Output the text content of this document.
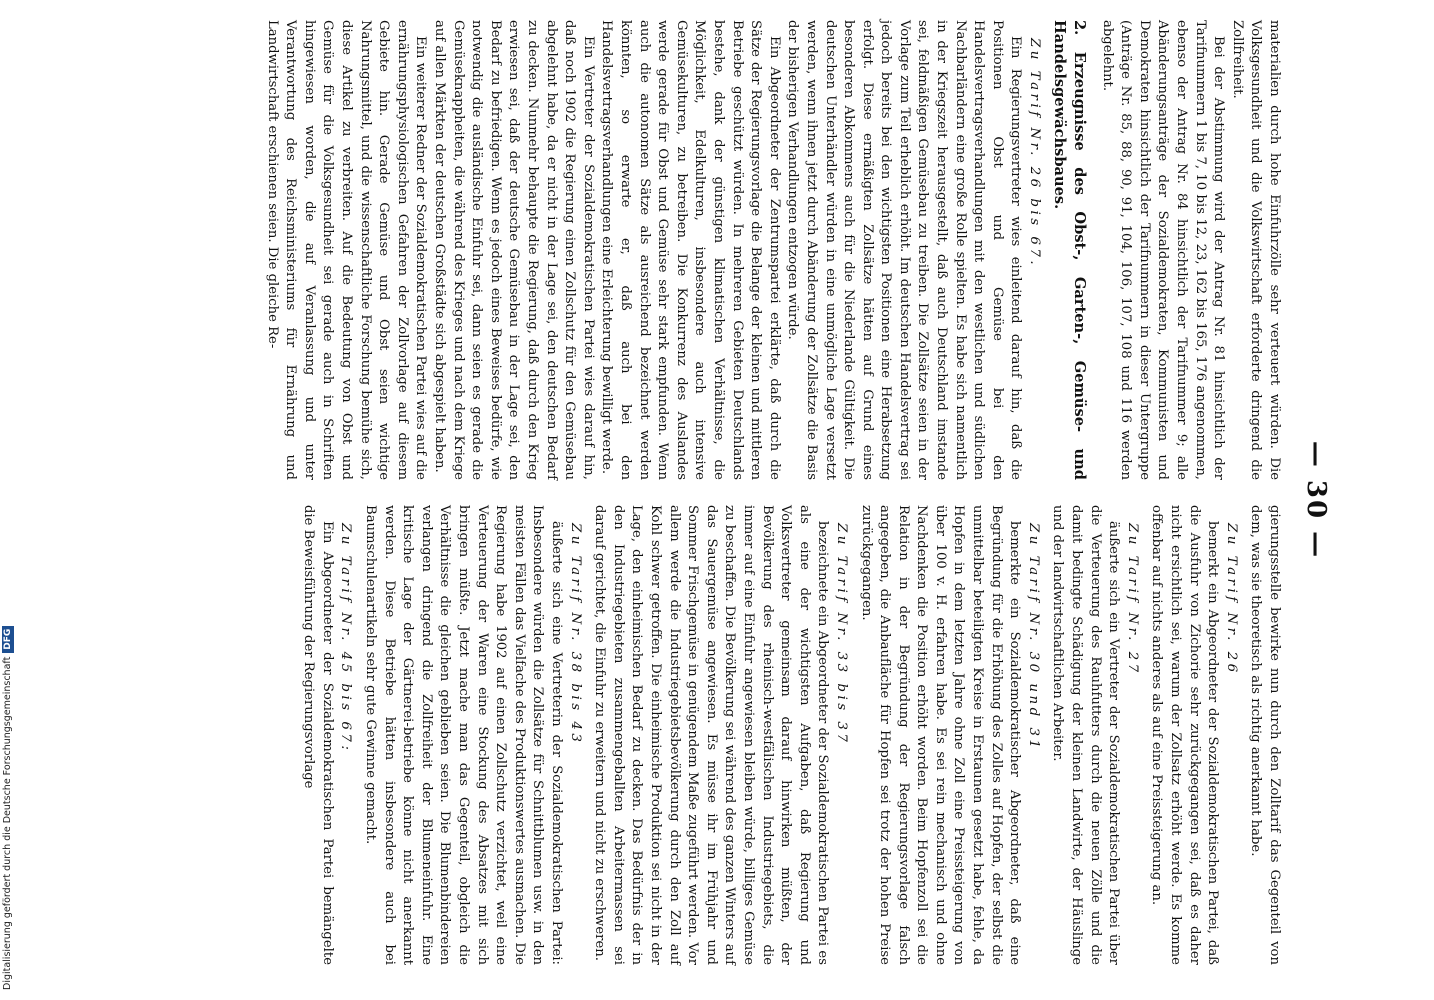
— 30 —

materialien durch hohe Einfuhrzölle sehr verteuert würden. Die Volksgesundheit und die Volkswirtschaft erforderte dringend die Zollfreiheit.

Bei der Abstimmung wird der Antrag Nr. 81 hinsichtlich der Tarifnummern 1 bis 7, 10 bis 12, 23, 162 bis 165, 176 angenommen, ebenso der Antrag Nr. 84 hinsichtlich der Tarifnummer 9; alle Abänderungsanträge der Sozialdemokraten, Kommunisten und Demokraten hinsichtlich der Tarifnummern in dieser Untergruppe (Anträge Nr. 85, 88, 90, 91, 104, 106, 107, 108 und 116 werden abgelehnt.

2. Erzeugnisse des Obst-, Garten-, Gemüse- und Handelsgewächsbaues.

Zu Tarif Nr. 26 bis 67.

Ein Regierungsvertreter wies einleitend darauf hin, daß die Positionen Obst und Gemüse bei den Handelsvertragsverhandlungen mit den westlichen und südlichen Nachbarländern eine große Rolle spielten. Es habe sich namentlich in der Kriegszeit herausgestellt, daß auch Deutschland imstande sei, feldmäßigen Gemüsebau zu treiben. Die Zollsätze seien in der Vorlage zum Teil erheblich erhöht. Im deutschen Handelsvertrag sei jedoch bereits bei den wichtigsten Positionen eine Herabsetzung erfolgt. Diese ermäßigten Zollsätze hätten auf Grund eines besonderen Abkommens auch für die Niederlande Gültigkeit. Die deutschen Unterhändler würden in eine unmögliche Lage versetzt werden, wenn ihnen jetzt durch Abänderung der Zollsätze die Basis der bisherigen Verhandlungen entzogen würde.

Ein Abgeordneter der Zentrumspartei erklärte, daß durch die Sätze der Regierungsvorlage die Belange der kleinen und mittleren Betriebe geschützt würden. In mehreren Gebieten Deutschlands bestehe, dank der günstigen klimatischen Verhältnisse, die Möglichkeit, Edelkulturen, insbesondere auch intensive Gemüsekulturen, zu betreiben. Die Konkurrenz des Auslandes werde gerade für Obst und Gemüse sehr stark empfunden. Wenn auch die autonomen Sätze als ausreichend bezeichnet werden könnten, so erwarte er, daß auch bei den Handelsvertragsverhandlungen eine Erleichterung bewilligt werde.

Ein Vertreter der Sozialdemokratischen Partei wies darauf hin, daß noch 1902 die Regierung einen Zollschutz für den Gemüsebau abgelehnt habe, da er nicht in der Lage sei, den deutschen Bedarf zu decken. Nunmehr behaupte die Regierung, daß durch den Krieg erwiesen sei, daß der deutsche Gemüsebau in der Lage sei, den Bedarf zu befriedigen. Wenn es jedoch eines Beweises bedürfe, wie notwendig die ausländische Einfuhr sei, dann seien es gerade die Gemüseknappheiten, die während des Krieges und nach dem Kriege auf allen Märkten der deutschen Großstädte sich abgespielt haben.

Ein weiterer Redner der Sozialdemokratischen Partei wies auf die ernährungsphysiologischen Gefahren der Zollvorlage auf diesem Gebiete hin. Gerade Gemüse und Obst seien wichtige Nahrungsmittel, und die wissenschaftliche Forschung bemühe sich, diese Artikel zu verbreiten. Auf die Bedeutung von Obst und Gemüse für die Volksgesundheit sei gerade auch in Schriften hingewiesen worden, die auf Veranlassung und unter Verantwortung des Reichsministeriums für Ernährung und Landwirtschaft erschienen seien. Die gleiche Re-

gierungsstelle bewirke nun durch den Zolltarif das Gegenteil von dem, was sie theoretisch als richtig anerkannt habe.

Zu Tarif Nr. 26

bemerkt ein Abgeordneter der Sozialdemokratischen Partei, daß die Ausfuhr von Zichorie sehr zurückgegangen sei, daß es daher nicht ersichtlich sei, warum der Zollsatz erhöht werde. Es komme offenbar auf nichts anderes als auf eine Preissteigerung an.

Zu Tarif Nr. 27

äußerte sich ein Vertreter der Sozialdemokratischen Partei über die Verteuerung des Rauhfutters durch die neuen Zölle und die damit bedingte Schädigung der kleinen Landwirte, der Häuslinge und der landwirtschaftlichen Arbeiter.

Zu Tarif Nr. 30 und 31

bemerkte ein Sozialdemokratischer Abgeordneter, daß eine Begründung für die Erhöhung des Zolles auf Hopfen, der selbst die unmittelbar beteiligten Kreise in Erstaunen gesetzt habe, fehle, da Hopfen in dem letzten Jahre ohne Zoll eine Preissteigerung von über 100 v. H. erfahren habe. Es sei rein mechanisch und ohne Nachdenken die Position erhöht worden. Beim Hopfenzoll sei die Relation in der Begründung der Regierungsvorlage falsch angegeben, die Anbaufläche für Hopfen sei trotz der hohen Preise zurückgegangen.

Zu Tarif Nr. 33 bis 37

bezeichnete ein Abgeordneter der Sozialdemokratischen Partei es als eine der wichtigsten Aufgaben, daß Regierung und Volksvertreter gemeinsam darauf hinwirken müßten, der Bevölkerung des rheinisch-westfälischen Industriegebiets, die immer auf eine Einfuhr angewiesen bleiben würde, billiges Gemüse zu beschaffen. Die Bevölkerung sei während des ganzen Winters auf das Sauergemüse angewiesen. Es müsse ihr im Frühjahr und Sommer Frischgemüse in genügendem Maße zugeführt werden. Vor allem werde die Industriegebietsbevölkerung durch den Zoll auf Kohl schwer getroffen. Die einheimische Produktion sei nicht in der Lage, den einheimischen Bedarf zu decken. Das Bedürfnis der in den Industriegebieten zusammengeballten Arbeitermassen sei darauf gerichtet, die Einfuhr zu erweitern und nicht zu erschweren.

Zu Tarif Nr. 38 bis 43

äußerte sich eine Vertreterin der Sozialdemokratischen Partei: Insbesondere würden die Zollsätze für Schnittblumen usw. in den meisten Fällen das Vielfache des Produktionswertes ausmachen. Die Regierung habe 1902 auf einen Zollschutz verzichtet, weil eine Verteuerung der Waren eine Stockung des Absatzes mit sich bringen müßte. Jetzt mache man das Gegenteil, obgleich die Verhältnisse die gleichen geblieben seien. Die Blumenbindereien verlangen dringend die Zollfreiheit der Blumeneinfuhr. Eine kritische Lage der Gärtnerei-betriebe könne nicht anerkannt werden. Diese Betriebe hätten insbesondere auch bei Baumschulenartikeln sehr gute Gewinne gemacht.

Zu Tarif Nr. 45 bis 67:

Ein Abgeordneter der Sozialdemokratischen Partei bemängelte die Beweisführung der Regierungsvorlage

Digitalisierung gefördert durch die Deutsche ForschungsgemeinschaftDFG
